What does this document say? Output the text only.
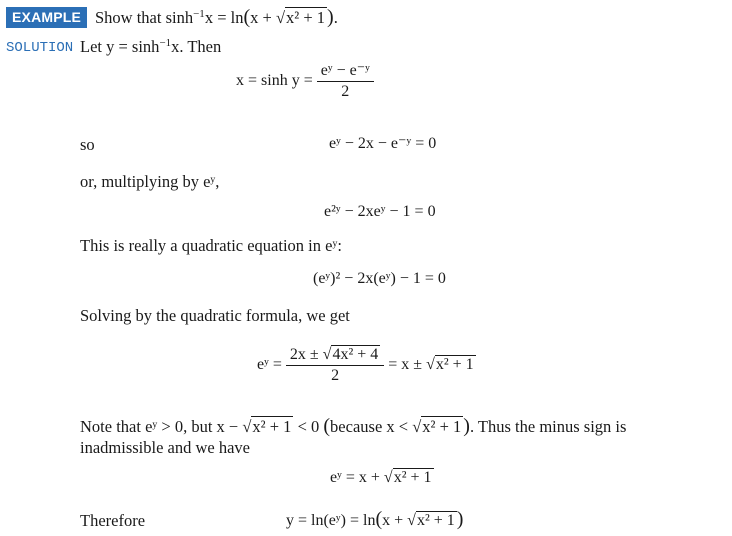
EXAMPLE Show that $\sinh^{-1}x = \ln(x + √x^2 + 1$ ).
SOLUTION Let $y = \sinh^{-1}x$. Then
$x = \sinh y = \frac{\text{eʸ − e⁻ʸ}}{2}$
so	eʸ − 2x − e⁻ʸ = 0
or, multiplying by eʸ,
e²ʸ − 2xeʸ − 1 = 0
This is really a quadratic equation in eʸ:
(eʸ)² − 2x(eʸ) − 1 = 0
Solving by the quadratic formula, we get
eʸ = $\frac{\text{2x ± √4x² + 4}}{2} = x \pm √x^2 + 1$
Note that eʸ > 0, but x − √x² + 1 < 0 (because x < √x² + 1 ). Thus the minus sign is
inadmissible and we have
eʸ = x + √x² + 1
Therefore	y = ln(eʸ) = ln(x + √x² + 1 )
